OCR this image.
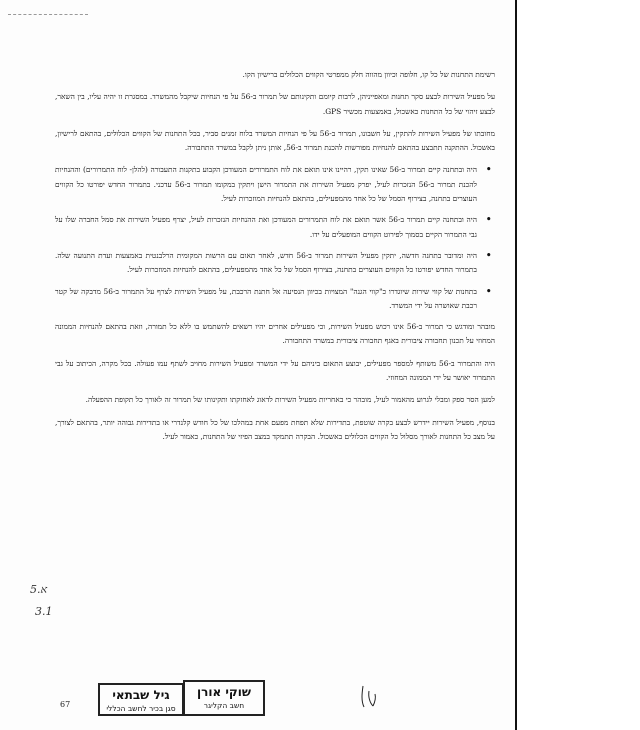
רשימת התחנות של כל קו, חלופה וכיוון מהווה חלק ממפרטי הקווים הכלולים ברישיון הקו.

על מפעיל השירות לבצע סקר תחנות ומאפייניהן, לרבות קיומם ותקינותם של תמרור ב-56 על פי הנחיות שיקבל מהמשרד. במסגרת זו יהיה עליו, בין השאר, לבצע זיהוי של כל התחנות כאשכול, באמצעות מכשיר GPS.

מחובתו של מפעיל השירות להתקין, על חשבונו, תמרור ב-56 על פי הנחיות המשרד בלוח זמנים סביר, בכל התחנות של הקווים הכלולים, בהתאם לרישיון, באשכול. ההתקנה תתבצע בהתאם להנחיות מפורשות להכנת תמרור ב-56, אותן ניתן לקבל במשרד התחבורה.

• היה ובתחנה קיים תמרור ב-56 שאינו תקין, רהיינו אינו תואם את לוח התמרורים המעודכן הקבוע בתקנות התעבורה (להלן- לוח התמרורים) וההנחיות להכנת תמרור ב-56 הנזכרות לעיל, יפרק מפעיל השירות את התמרור הישן ויתקין במקומו תמרור ב-56 עדכני. בתמרור החדש יפורטו כל הקווים העוצרים בתחנה, בצירוף הסמל של כל אחד מהמפעילים, בהתאם להנחיות המוזכרות לעיל.
• היה ובתחנה קיים תמרור ב-56 אשר תואם את לוח התמרורים המעודכן ואת ההנחיות הנזכרות לעיל, יצרף מפעיל השירות את סמל החברה שלו על גבי התמרור הקיים בסמוך לפירוט הקווים המופעלים על ידו.
• היה ומדובר בתחנה חדשה, יתקין מפעיל השירות תמרור ב-56 חדש, לאחר תאום עם הרשות המקומית הרלבנטית באמצעות ועדת התנועה שלה. בתמרור החדש יפורטו כל הקווים העוצרים בתחנה, בצירוף הסמל של כל אחד מהמפעילים, בהתאם להנחיות המוזכרות לעיל.
• בתחנות של קווי שירות שיוגדרו כ"קווי הגנה" המצויות בכיוון הנסיעה אל חתנת הרכבת, על מפעיל השירות לצרף על התמרור ב-56 מדבקה של קטר רכבת שאושרה על ידי המשרד.

מובהר ומודגש כי תמרור ב-56 אינו רכוש מפעיל השירות, וכי מפעילים אחרים יהיו רשאים להשתמש בו ללא כל תמורה, וזאת בהתאם להנחיות הממונה המחוזי על תכנון תחבורה ציבורית באגף תחבורה ציבורית במשרד התחבורה.

היה והתמרור ב-56 משותף למספר מפעילים, יבוצע התאום ביניהם על ידי המשרד ומפעיל השירות מחויב לשתף עמו פעולה. בכל מקרה, הכיתוב על גבי התמרור יאושר על ידי הממונה המחוזי.

למען הסר ספק ומבלי לגרוע מהאמור לעיל, מובהר כי באחריות מפעיל השירות לדאוג לאחזקתו ותקינותו של תמרור זה לאורך כל תקופת ההפעלה.

בנוסף, מפעיל השירות יידרש לבצע בקרה שוטפת, בתדירות שלא תפחת מפעם אחת במהלכו של כל חודש קלנדרי או בתדירות גבוהה יותר, בהתאם לצורך, על מצב כל התחנות לאורך מסלול כל הקווים הכלולים באשכול. הבקרה תתמקד במצב הפיזי של התחנות, כאמור לעיל.

67
שוקי אורן
חשב הקליגר
גיל שבתאי
סגן בכיר לחשב הכללי
5.א
3.1
